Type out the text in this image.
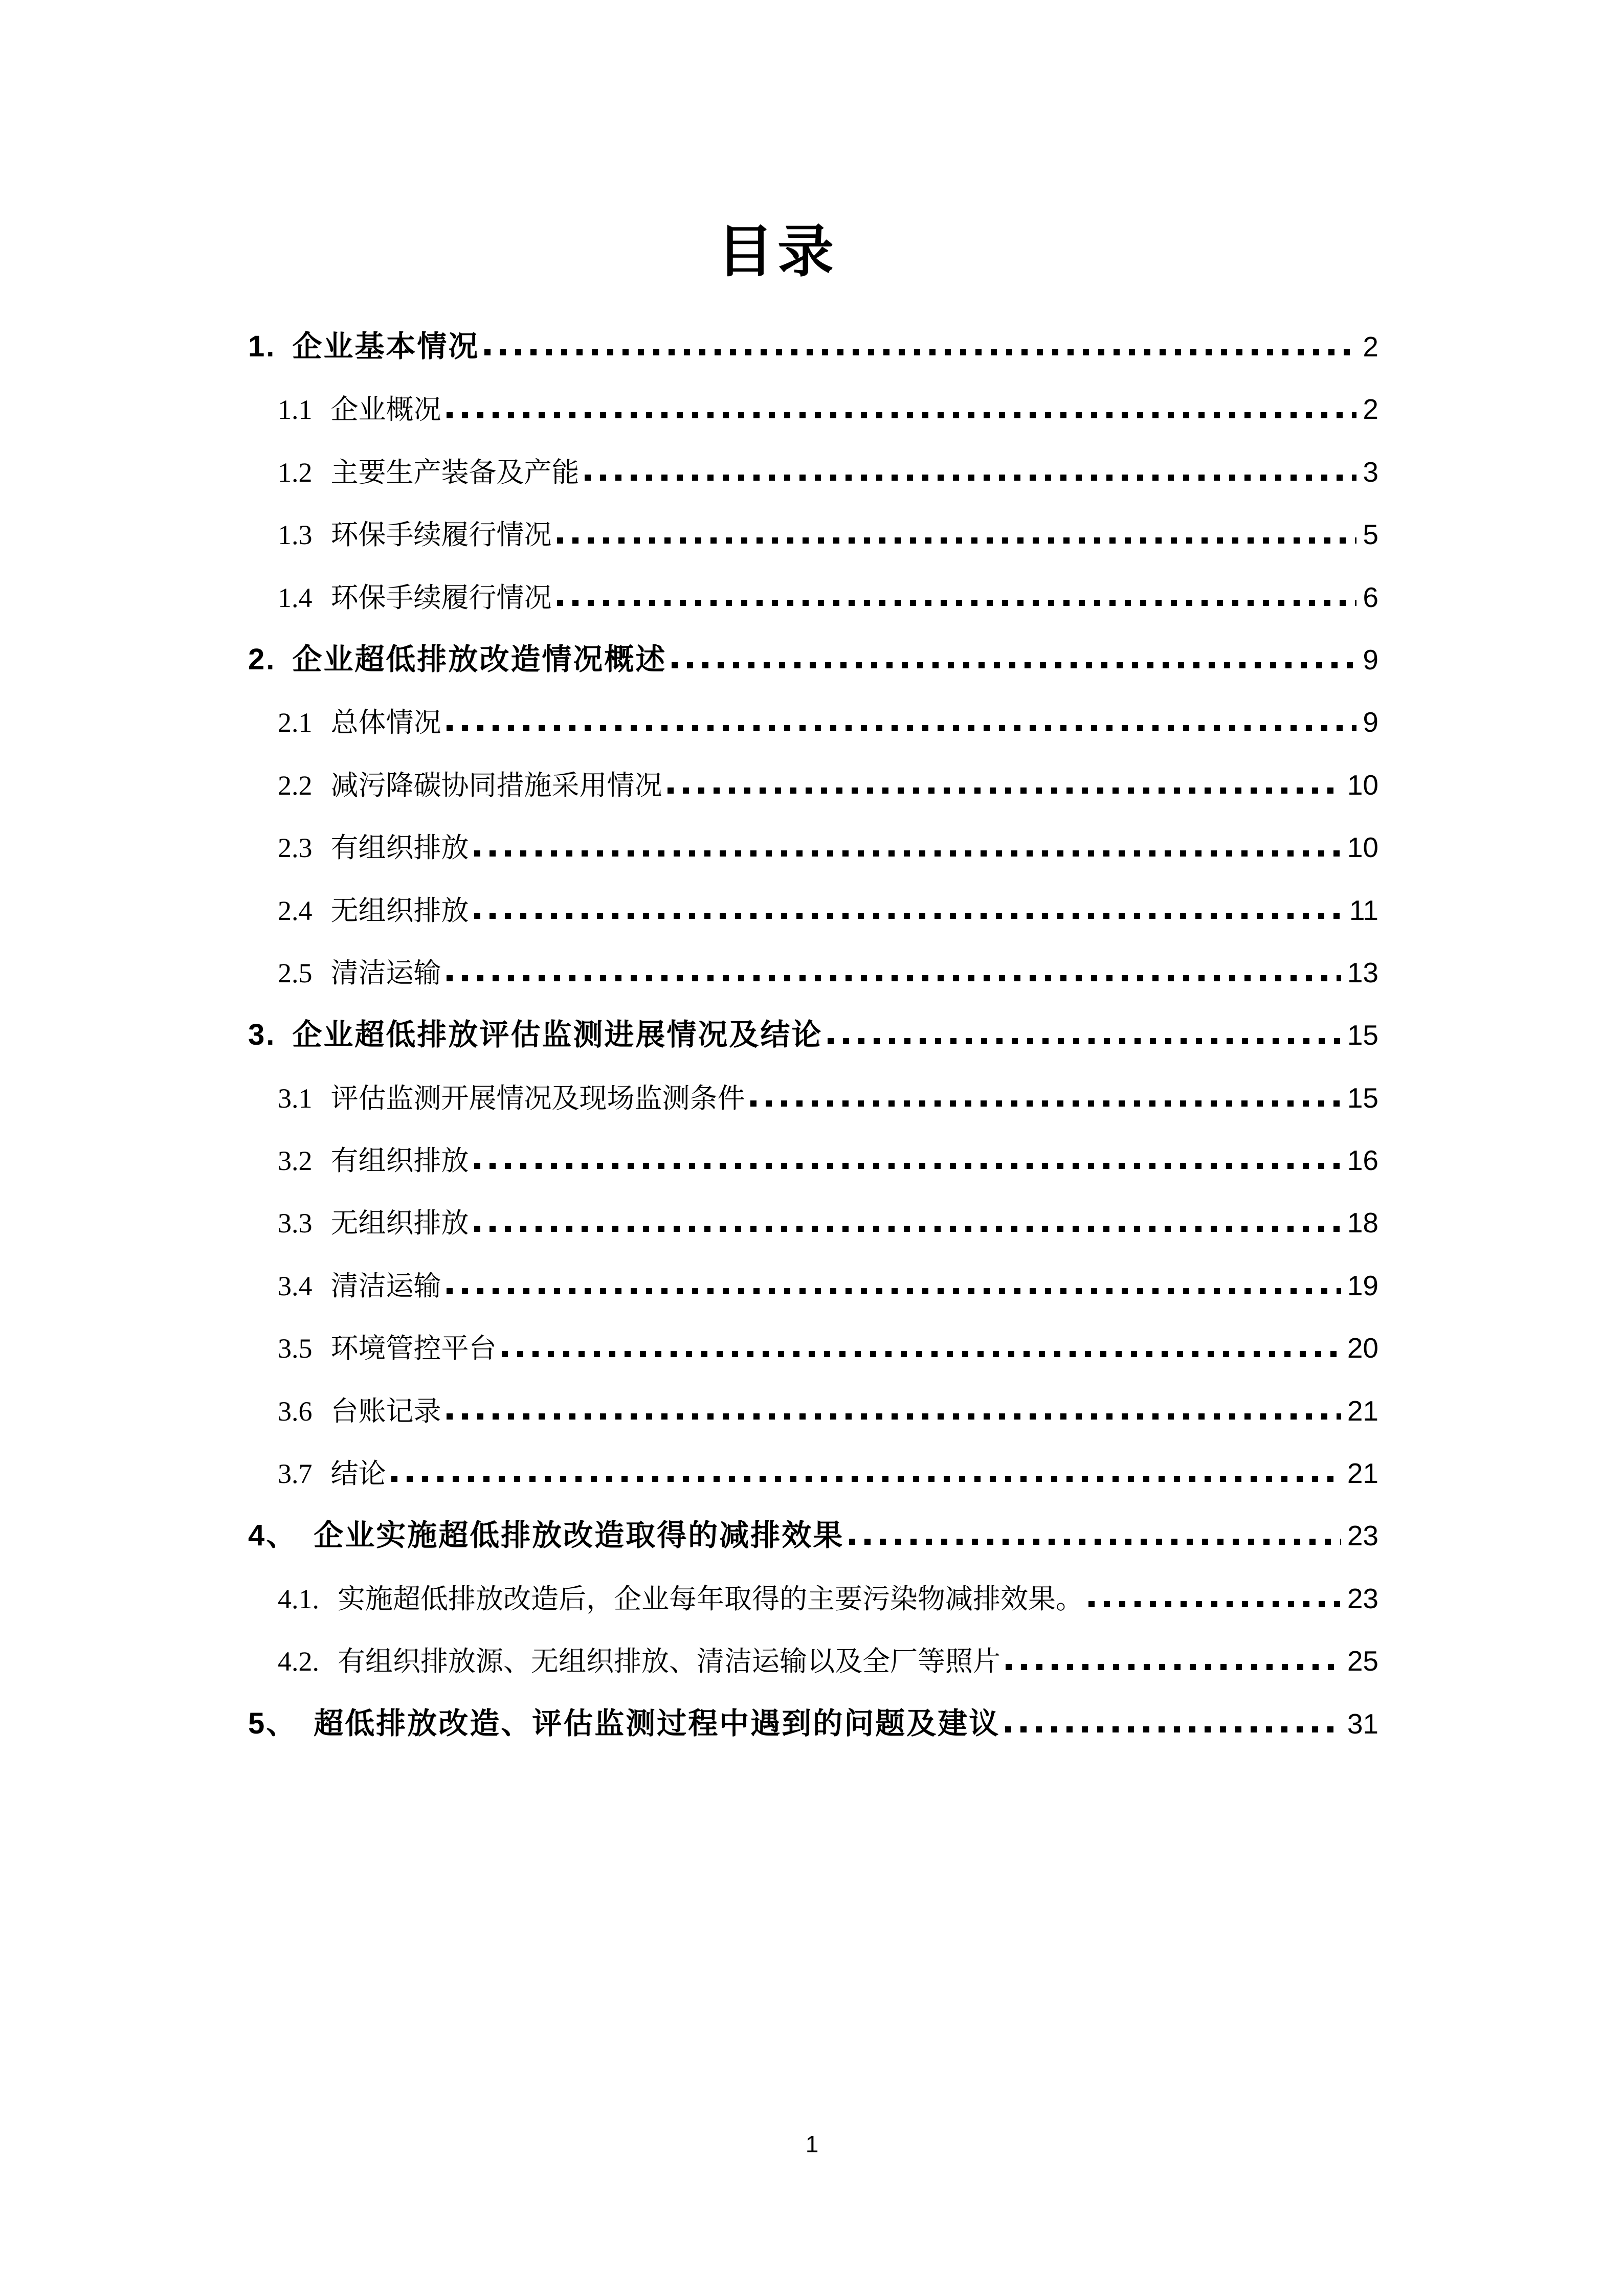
目录
1. 企业基本情况	2
1.1 企业概况	2
1.2 主要生产装备及产能	3
1.3 环保手续履行情况	5
1.4 环保手续履行情况	6
2. 企业超低排放改造情况概述	9
2.1 总体情况	9
2.2 减污降碳协同措施采用情况	10
2.3 有组织排放	10
2.4 无组织排放	11
2.5 清洁运输	13
3. 企业超低排放评估监测进展情况及结论	15
3.1 评估监测开展情况及现场监测条件	15
3.2 有组织排放	16
3.3 无组织排放	18
3.4 清洁运输	19
3.5 环境管控平台	20
3.6 台账记录	21
3.7 结论	21
4、 企业实施超低排放改造取得的减排效果	23
4.1. 实施超低排放改造后，企业每年取得的主要污染物减排效果。	23
4.2. 有组织排放源、无组织排放、清洁运输以及全厂等照片	25
5、 超低排放改造、评估监测过程中遇到的问题及建议	31
1
